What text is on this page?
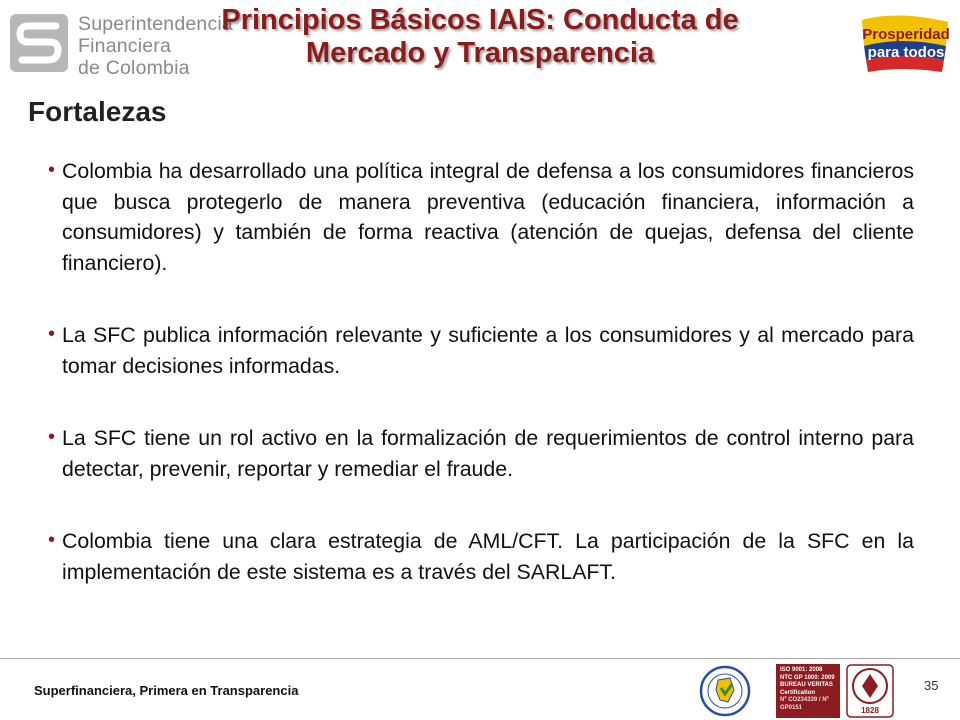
Superintendencia
Financiera
de Colombia
Principios Básicos IAIS: Conducta de
Mercado y Transparencia
Prosperidad
para todos
Fortalezas
• Colombia ha desarrollado una política integral de defensa a los consumidores financieros que busca protegerlo de manera preventiva (educación financiera, información a consumidores) y también de forma reactiva (atención de quejas, defensa del cliente financiero).
• La SFC publica información relevante y suficiente a los consumidores y al mercado para tomar decisiones informadas.
• La SFC tiene un rol activo en la formalización de requerimientos de control interno para detectar, prevenir, reportar y remediar el fraude.
• Colombia tiene una clara estrategia de AML/CFT. La participación de la SFC en la implementación de este sistema es a través del SARLAFT.
Superfinanciera, Primera en Transparencia
ISO 9001: 2008
NTC GP 1000: 2009
BUREAU VERITAS
Certification
Nº CO234339 / Nº GP0151	1828
35
